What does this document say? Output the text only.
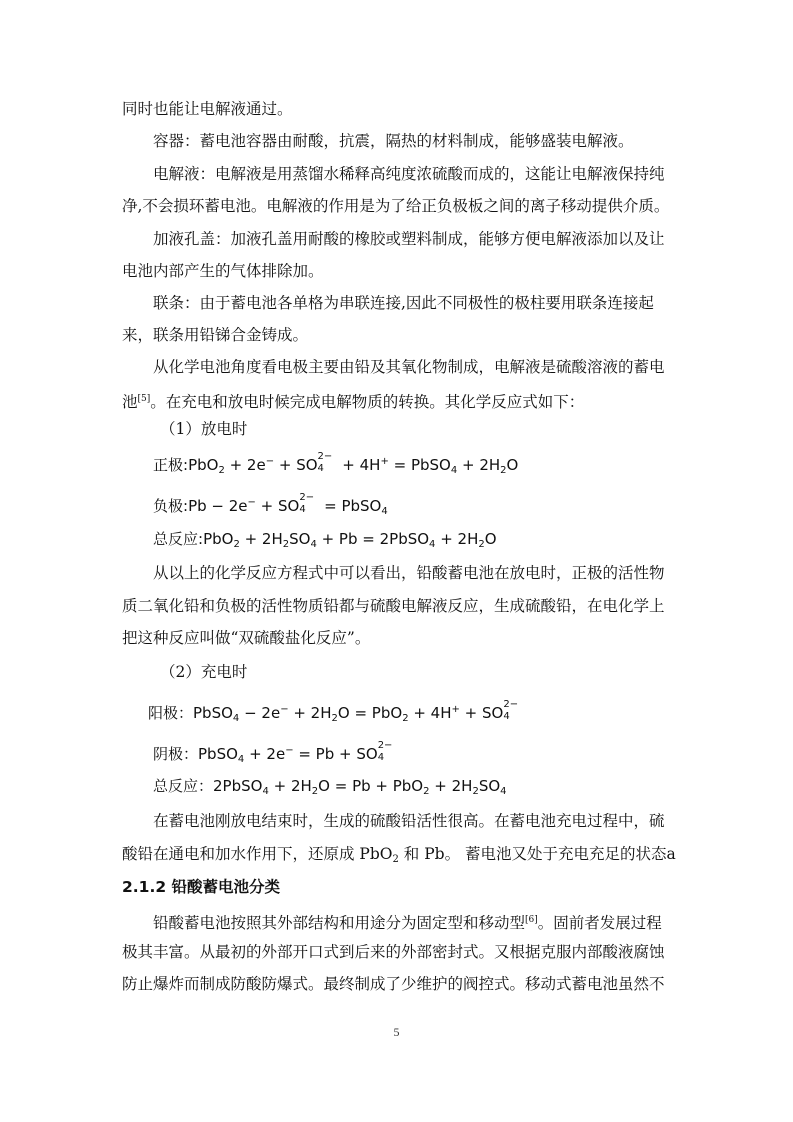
同时也能让电解液通过。
容器：蓄电池容器由耐酸，抗震，隔热的材料制成，能够盛装电解液。
电解液：电解液是用蒸馏水稀释高纯度浓硫酸而成的，这能让电解液保持纯
净,不会损环蓄电池。电解液的作用是为了给正负极板之间的离子移动提供介质。
加液孔盖：加液孔盖用耐酸的橡胶或塑料制成，能够方便电解液添加以及让
电池内部产生的气体排除加。
联条：由于蓄电池各单格为串联连接,因此不同极性的极柱要用联条连接起
来，联条用铅锑合金铸成。
从化学电池角度看电极主要由铅及其氧化物制成，电解液是硫酸溶液的蓄电
池[5]。在充电和放电时候完成电解物质的转换。其化学反应式如下：
（1）放电时
正极:PbO$_2$ + 2e− + SO 2−
4 + 4H+ = PbSO$_4$ + $2H_2O$
负极:Pb − 2e− + SO 2−
4 = PbSO$_4$
总反应:PbO$_2$ + $2H_2SO_4 + Pb$ = 2PbSO$_4$ + $2H_2O$
从以上的化学反应方程式中可以看出，铅酸蓄电池在放电时，正极的活性物
质二氧化铅和负极的活性物质铅都与硫酸电解液反应，生成硫酸铅，在电化学上
把这种反应叫做“双硫酸盐化反应”。
（2）充电时
阳极：PbSO$_4$ − $2e^- + 2H_2O = PbO_2 + 4H^+$ + SO 2−
4
阴极：PbSO$_4$ + 2e− = Pb + SO 2−
4
总反应：2PbSO$_4$ + $2H_2O = Pb + PbO_2 + 2H_2SO_4$
在蓄电池刚放电结束时，生成的硫酸铅活性很高。在蓄电池充电过程中，硫
酸铅在通电和加水作用下，还原成 PbO$_2$ 和 Pb。 蓄电池又处于充电充足的状态a
2.1.2 铅酸蓄电池分类
铅酸蓄电池按照其外部结构和用途分为固定型和移动型[6]。固前者发展过程
极其丰富。从最初的外部开口式到后来的外部密封式。又根据克服内部酸液腐蚀
防止爆炸而制成防酸防爆式。最终制成了少维护的阀控式。移动式蓄电池虽然不
5
